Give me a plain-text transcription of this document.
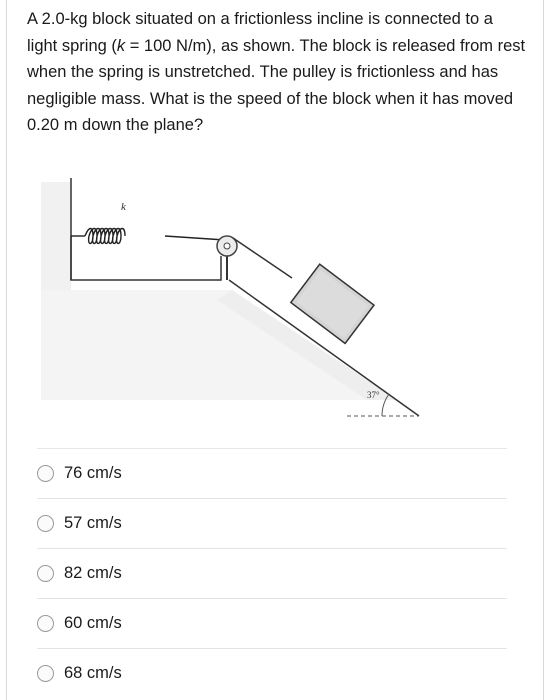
A 2.0-kg block situated on a frictionless incline is connected to a light spring (k = 100 N/m), as shown. The block is released from rest when the spring is unstretched. The pulley is frictionless and has negligible mass. What is the speed of the block when it has moved 0.20 m down the plane?
k
37°
76 cm/s
57 cm/s
82 cm/s
60 cm/s
68 cm/s
